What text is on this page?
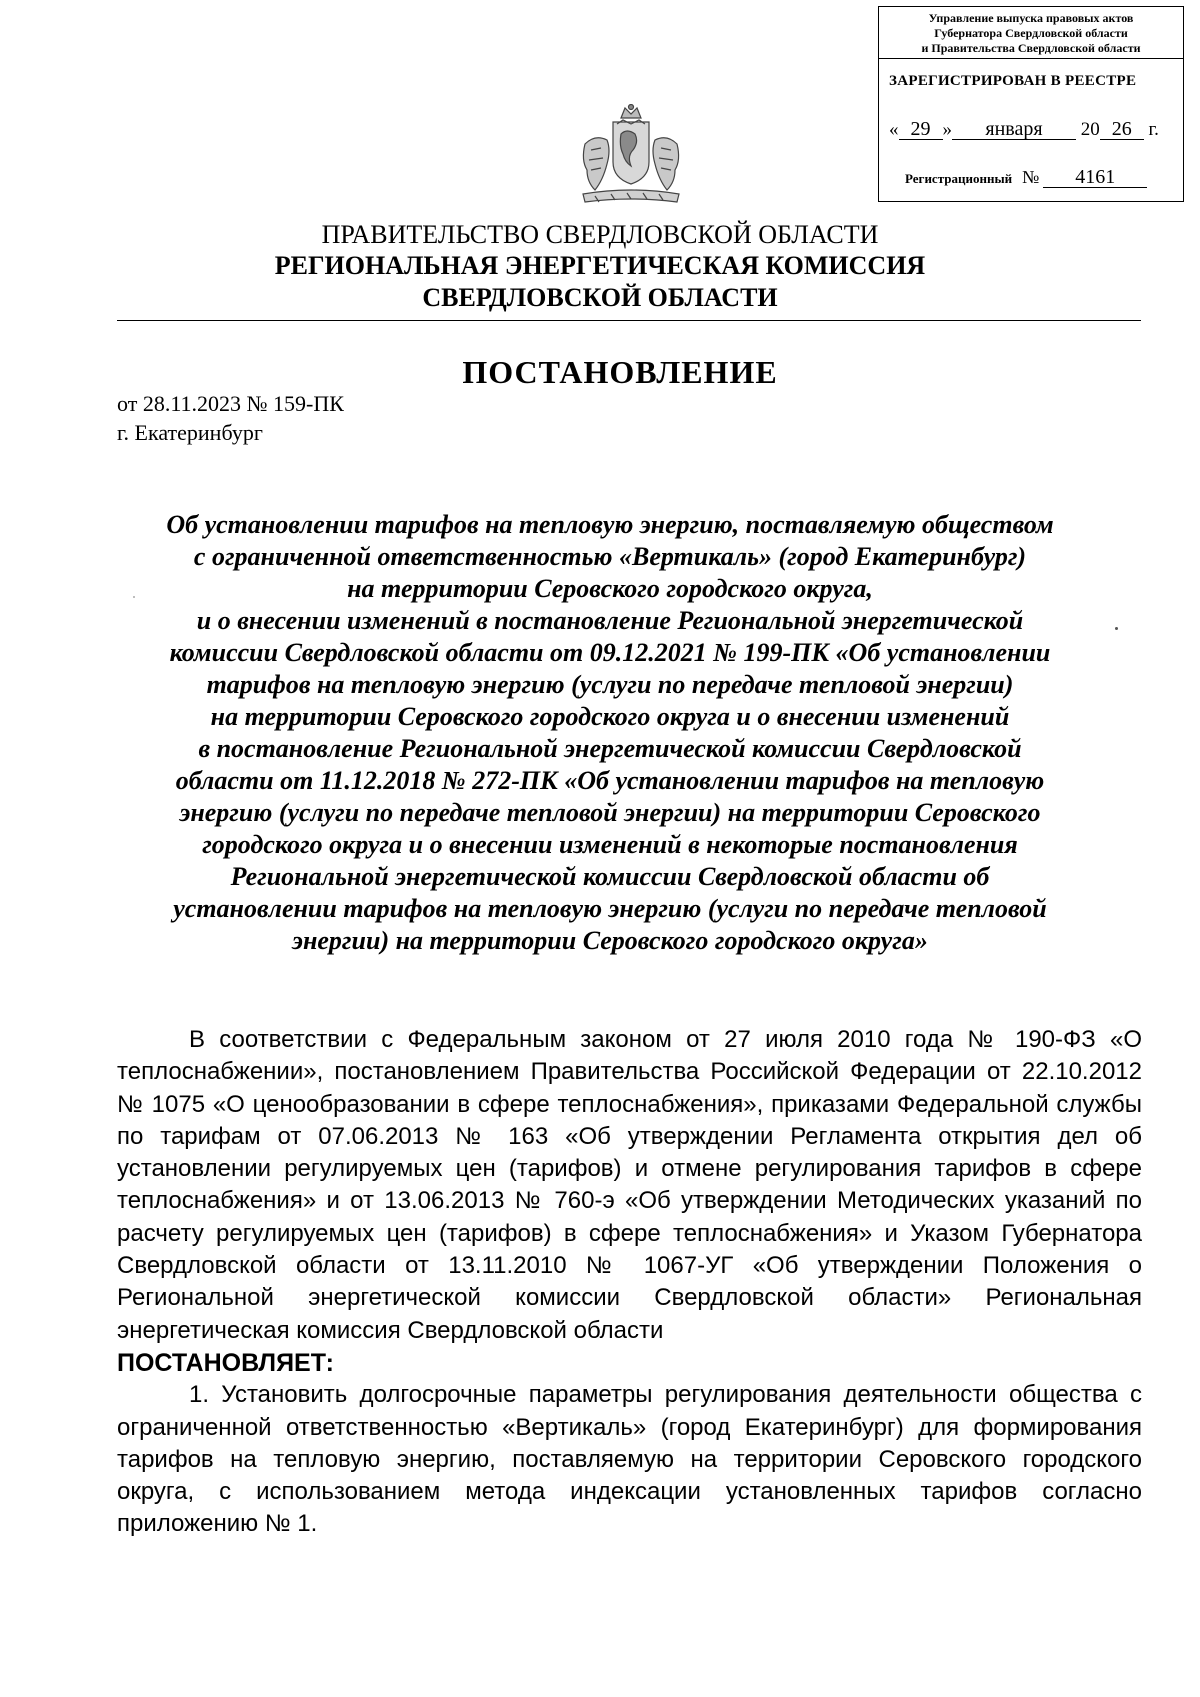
Управление выпуска правовых актов
Губернатора Свердловской области
и Правительства Свердловской области
ЗАРЕГИСТРИРОВАН В РЕЕСТРЕ
« 29 » января 20 26 г.
Регистрационный № 4161
ПРАВИТЕЛЬСТВО СВЕРДЛОВСКОЙ ОБЛАСТИ
РЕГИОНАЛЬНАЯ ЭНЕРГЕТИЧЕСКАЯ КОМИССИЯ
СВЕРДЛОВСКОЙ ОБЛАСТИ
ПОСТАНОВЛЕНИЕ
от 28.11.2023 № 159-ПК
г. Екатеринбург
Об установлении тарифов на тепловую энергию, поставляемую обществом
с ограниченной ответственностью «Вертикаль» (город Екатеринбург)
на территории Серовского городского округа,
и о внесении изменений в постановление Региональной энергетической
комиссии Свердловской области от 09.12.2021 № 199-ПК «Об установлении
тарифов на тепловую энергию (услуги по передаче тепловой энергии)
на территории Серовского городского округа и о внесении изменений
в постановление Региональной энергетической комиссии Свердловской
области от 11.12.2018 № 272-ПК «Об установлении тарифов на тепловую
энергию (услуги по передаче тепловой энергии) на территории Серовского
городского округа и о внесении изменений в некоторые постановления
Региональной энергетической комиссии Свердловской области об
установлении тарифов на тепловую энергию (услуги по передаче тепловой
энергии) на территории Серовского городского округа»
В соответствии с Федеральным законом от 27 июля 2010 года № 190-ФЗ «О теплоснабжении», постановлением Правительства Российской Федерации от 22.10.2012 № 1075 «О ценообразовании в сфере теплоснабжения», приказами Федеральной службы по тарифам от 07.06.2013 № 163 «Об утверждении Регламента открытия дел об установлении регулируемых цен (тарифов) и отмене регулирования тарифов в сфере теплоснабжения» и от 13.06.2013 № 760-э «Об утверждении Методических указаний по расчету регулируемых цен (тарифов) в сфере теплоснабжения» и Указом Губернатора Свердловской области от 13.11.2010 № 1067-УГ «Об утверждении Положения о Региональной энергетической комиссии Свердловской области» Региональная энергетическая комиссия Свердловской области
ПОСТАНОВЛЯЕТ:
1. Установить долгосрочные параметры регулирования деятельности общества с ограниченной ответственностью «Вертикаль» (город Екатеринбург) для формирования тарифов на тепловую энергию, поставляемую на территории Серовского городского округа, с использованием метода индексации установленных тарифов согласно приложению № 1.
